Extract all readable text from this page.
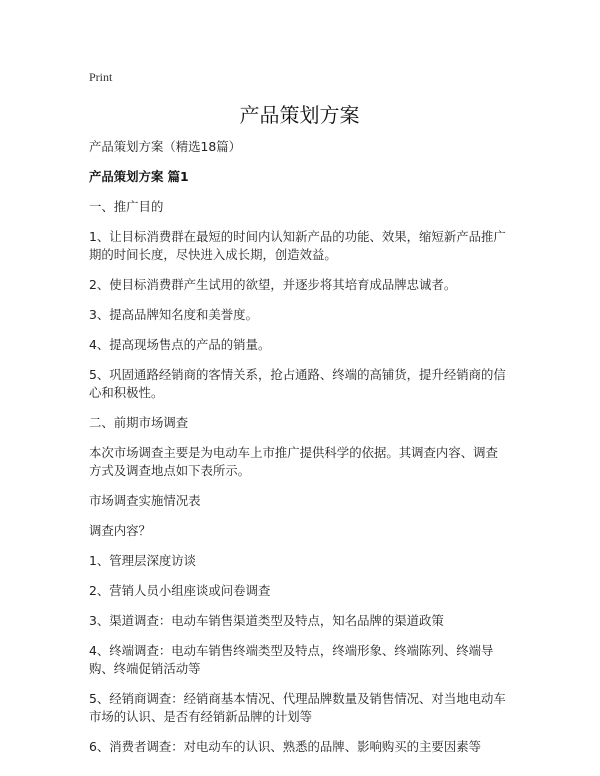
Print
产品策划方案

产品策划方案（精选18篇）

产品策划方案 篇1

一、推广目的

1、让目标消费群在最短的时间内认知新产品的功能、效果，缩短新产品推广期的时间长度，尽快进入成长期，创造效益。

2、使目标消费群产生试用的欲望，并逐步将其培育成品牌忠诚者。

3、提高品牌知名度和美誉度。

4、提高现场售点的产品的销量。

5、巩固通路经销商的客情关系，抢占通路、终端的高铺货，提升经销商的信心和积极性。

二、前期市场调查

本次市场调查主要是为电动车上市推广提供科学的依据。其调查内容、调查方式及调查地点如下表所示。

市场调查实施情况表

调查内容？

1、管理层深度访谈

2、营销人员小组座谈或问卷调查

3、渠道调查：电动车销售渠道类型及特点，知名品牌的渠道政策

4、终端调查：电动车销售终端类型及特点，终端形象、终端陈列、终端导购、终端促销活动等

5、经销商调查：经销商基本情况、代理品牌数量及销售情况、对当地电动车市场的认识、是否有经销新品牌的计划等

6、消费者调查：对电动车的认识、熟悉的品牌、影响购买的主要因素等
